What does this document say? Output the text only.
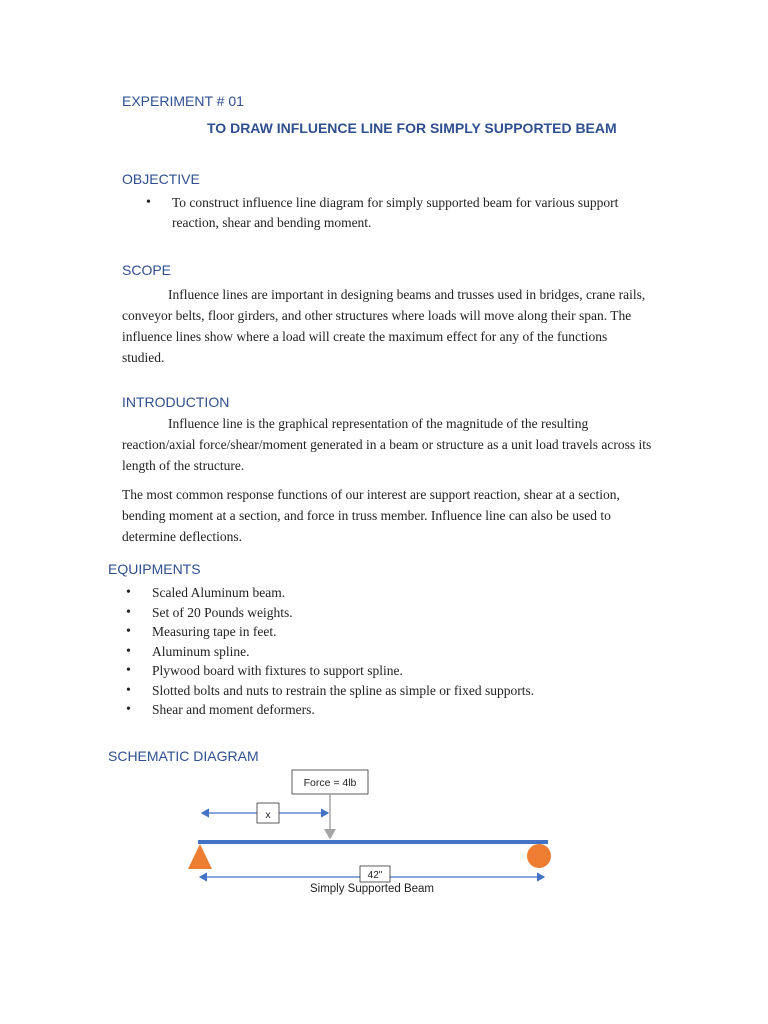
EXPERIMENT # 01
TO DRAW INFLUENCE LINE FOR SIMPLY SUPPORTED BEAM
OBJECTIVE
• To construct influence line diagram for simply supported beam for various support reaction, shear and bending moment.
SCOPE

Influence lines are important in designing beams and trusses used in bridges, crane rails, conveyor belts, floor girders, and other structures where loads will move along their span. The influence lines show where a load will create the maximum effect for any of the functions studied.

INTRODUCTION

Influence line is the graphical representation of the magnitude of the resulting reaction/axial force/shear/moment generated in a beam or structure as a unit load travels across its length of the structure.

The most common response functions of our interest are support reaction, shear at a section, bending moment at a section, and force in truss member. Influence line can also be used to determine deflections.

EQUIPMENTS
• Scaled Aluminum beam.
• Set of 20 Pounds weights.
• Measuring tape in feet.
• Aluminum spline.
• Plywood board with fixtures to support spline.
• Slotted bolts and nuts to restrain the spline as simple or fixed supports.
• Shear and moment deformers.
SCHEMATIC DIAGRAM
Force = 4lb
x
42"
Simply Supported Beam
